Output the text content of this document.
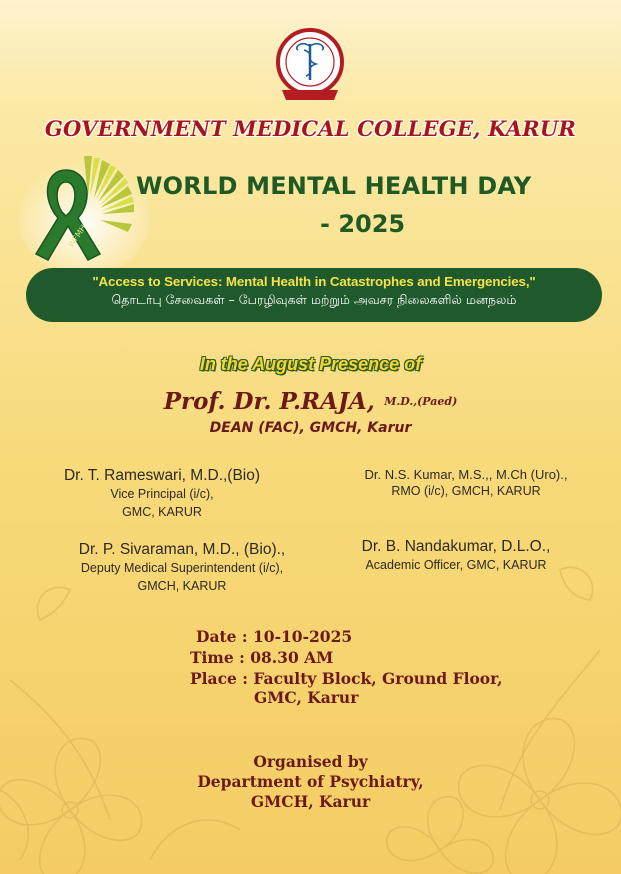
GOVERNMENT MEDICAL COLLEGE, KARUR
WFMH
WORLD MENTAL HEALTH DAY
- 2025
"Access to Services: Mental Health in Catastrophes and Emergencies,"
தொடர்பு சேவைகள் – பேரழிவுகள் மற்றும் அவசர நிலைகளில் மனநலம்
In the August Presence of
Prof. Dr. P.RAJA, $^{M.D.,(Paed)}$
DEAN (FAC), GMCH, Karur
Dr. T. Rameswari, M.D.,(Bio)
Vice Principal (i/c),
GMC, KARUR
Dr. N.S. Kumar, M.S.,, M.Ch (Uro).,
RMO (i/c), GMCH, KARUR
Dr. P. Sivaraman, M.D., (Bio).,
Deputy Medical Superintendent (i/c),
GMCH, KARUR
Dr. B. Nandakumar, D.L.O.,
Academic Officer, GMC, KARUR
Date : 10-10-2025
Time : 08.30 AM
Place : Faculty Block, Ground Floor,
GMC, Karur
Organised by
Department of Psychiatry,
GMCH, Karur
